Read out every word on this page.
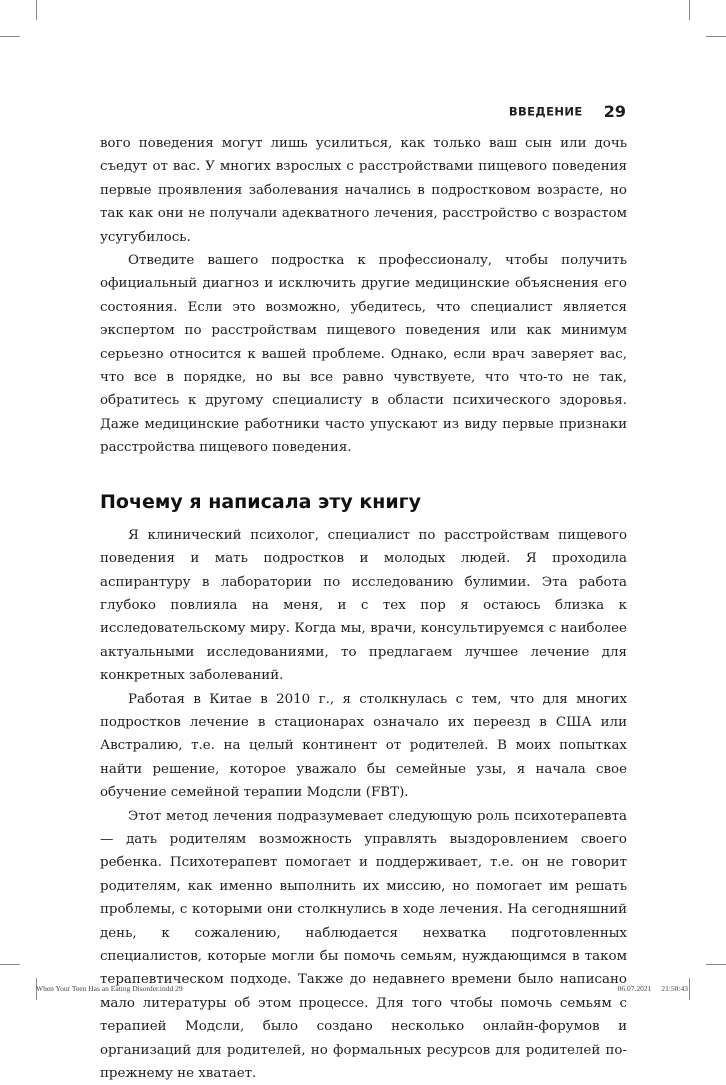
ВВЕДЕНИЕ 29

вого поведения могут лишь усилиться, как только ваш сын или дочь съедут от вас. У многих взрослых с расстройствами пищевого поведения первые проявления заболевания начались в подростковом возрасте, но так как они не получали адекватного лечения, расстройство с возрастом усугубилось.

Отведите вашего подростка к профессионалу, чтобы получить официальный диагноз и исключить другие медицинские объяснения его состояния. Если это возможно, убедитесь, что специалист является экспертом по расстройствам пищевого поведения или как минимум серьезно относится к вашей проблеме. Однако, если врач заверяет вас, что все в порядке, но вы все равно чувствуете, что что-то не так, обратитесь к другому специалисту в области психического здоровья. Даже медицинские работники часто упускают из виду первые признаки расстройства пищевого поведения.

Почему я написала эту книгу

Я клинический психолог, специалист по расстройствам пищевого поведения и мать подростков и молодых людей. Я проходила аспирантуру в лаборатории по исследованию булимии. Эта работа глубоко повлияла на меня, и с тех пор я остаюсь близка к исследовательскому миру. Когда мы, врачи, консультируемся с наиболее актуальными исследованиями, то предлагаем лучшее лечение для конкретных заболеваний.

Работая в Китае в 2010 г., я столкнулась с тем, что для многих подростков лечение в стационарах означало их переезд в США или Австралию, т.е. на целый континент от родителей. В моих попытках найти решение, которое уважало бы семейные узы, я начала свое обучение семейной терапии Модсли (FBT).

Этот метод лечения подразумевает следующую роль психотерапевта — дать родителям возможность управлять выздоровлением своего ребенка. Психотерапевт помогает и поддерживает, т.е. он не говорит родителям, как именно выполнить их миссию, но помогает им решать проблемы, с которыми они столкнулись в ходе лечения. На сегодняшний день, к сожалению, наблюдается нехватка подготовленных специалистов, которые могли бы помочь семьям, нуждающимся в таком терапевтическом подходе. Также до недавнего времени было написано мало литературы об этом процессе. Для того чтобы помочь семьям с терапией Модсли, было создано несколько онлайн-форумов и организаций для родителей, но формальных ресурсов для родителей по-прежнему не хватает.

When Your Teen Has an Eating Disorder.indd 29	06.07.2021 21:50:43
